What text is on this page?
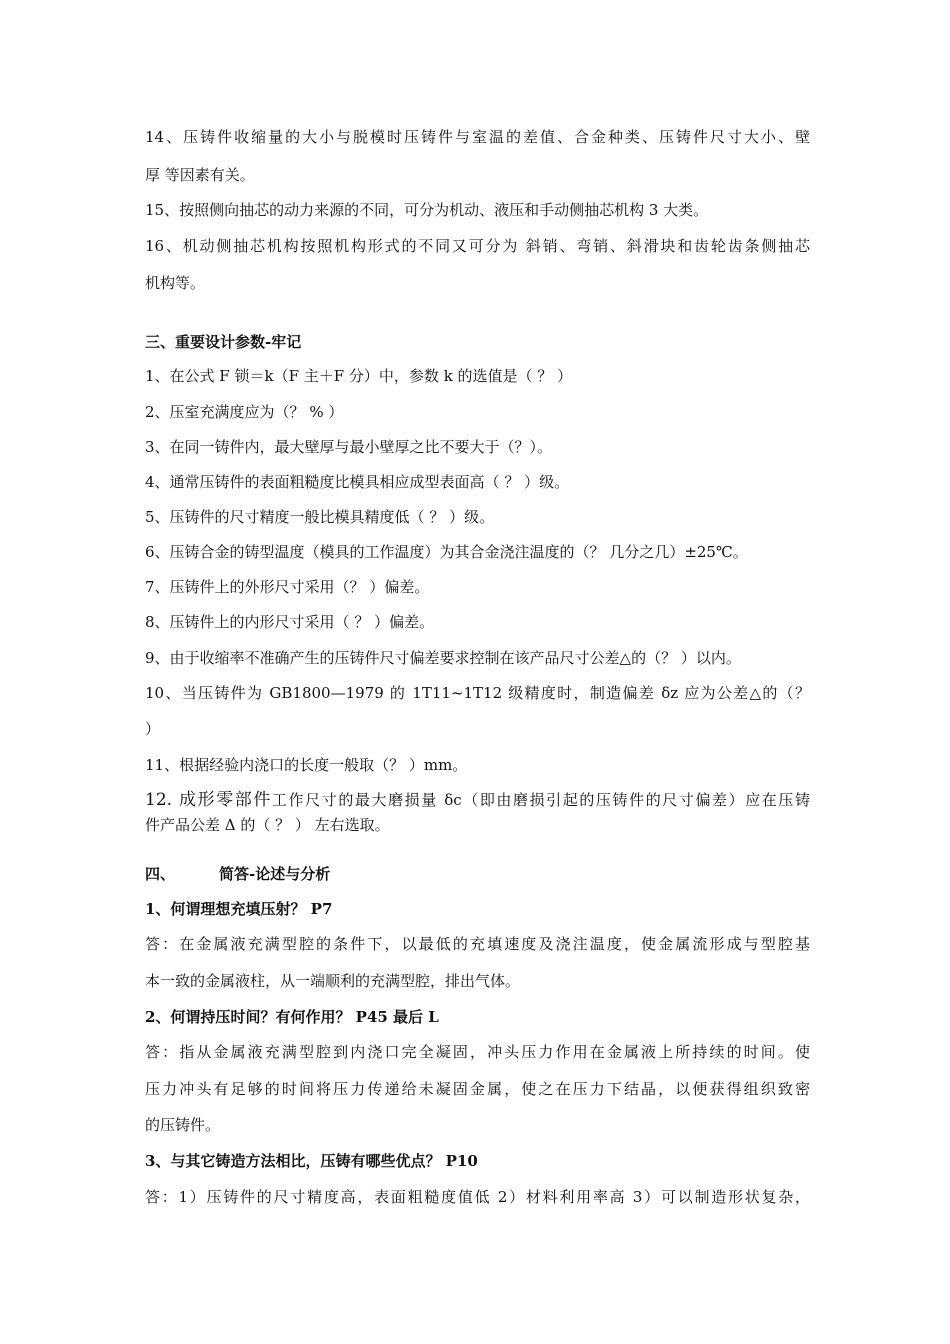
14、压铸件收缩量的大小与脱模时压铸件与室温的差值、合金种类、压铸件尺寸大小、壁
厚 等因素有关。
15、按照侧向抽芯的动力来源的不同，可分为机动、液压和手动侧抽芯机构 3 大类。
16、机动侧抽芯机构按照机构形式的不同又可分为 斜销、弯销、斜滑块和齿轮齿条侧抽芯
机构等。
三、重要设计参数-牢记
1、在公式 F 锁＝k（F 主＋F 分）中，参数 k 的选值是（ ？ ）
2、压室充满度应为（？ % ）
3、在同一铸件内，最大壁厚与最小壁厚之比不要大于（？）。
4、通常压铸件的表面粗糙度比模具相应成型表面高（ ？ ）级。
5、压铸件的尺寸精度一般比模具精度低（ ？ ）级。
6、压铸合金的铸型温度（模具的工作温度）为其合金浇注温度的（？ 几分之几）±25℃。
7、压铸件上的外形尺寸采用（？ ）偏差。
8、压铸件上的内形尺寸采用（ ？ ）偏差。
9、由于收缩率不准确产生的压铸件尺寸偏差要求控制在该产品尺寸公差△的（？ ）以内。
10、当压铸件为 GB1800—1979 的 1T11~1T12 级精度时，制造偏差 δz 应为公差△的（？
）
11、根据经验内浇口的长度一般取（？ ）mm。
12. 成形零部件工作尺寸的最大磨损量 δc（即由磨损引起的压铸件的尺寸偏差）应在压铸
件产品公差 Δ 的（ ？ ） 左右选取。
四、	简答-论述与分析
1、何谓理想充填压射？ P7
答：在金属液充满型腔的条件下，以最低的充填速度及浇注温度，使金属流形成与型腔基
本一致的金属液柱，从一端顺利的充满型腔，排出气体。
2、何谓持压时间？有何作用？ P45 最后 L
答：指从金属液充满型腔到内浇口完全凝固，冲头压力作用在金属液上所持续的时间。使
压力冲头有足够的时间将压力传递给未凝固金属，使之在压力下结晶，以便获得组织致密
的压铸件。
3、与其它铸造方法相比，压铸有哪些优点？ P10
答：1）压铸件的尺寸精度高，表面粗糙度值低 2）材料利用率高 3）可以制造形状复杂，
